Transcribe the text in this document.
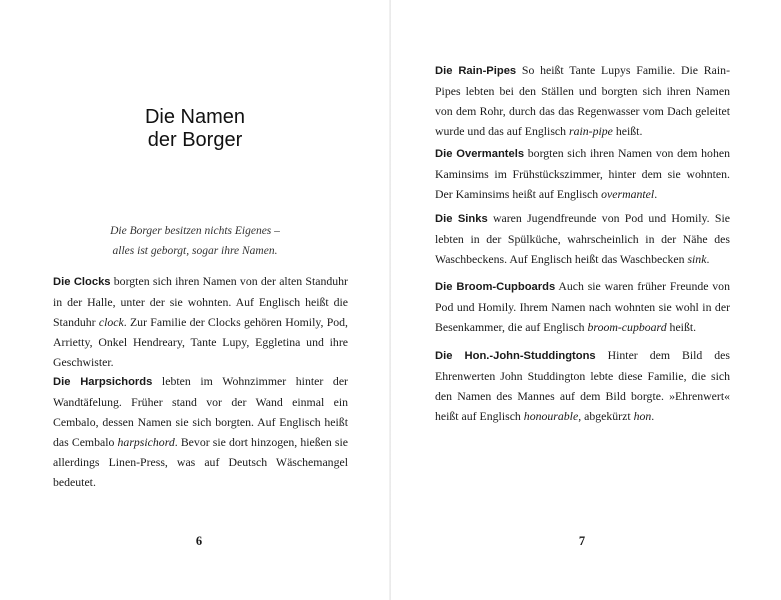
Die Namen
der Borger
Die Borger besitzen nichts Eigenes –
alles ist geborgt, sogar ihre Namen.

Die Clocks borgten sich ihren Namen von der alten Standuhr in der Halle, unter der sie wohnten. Auf Englisch heißt die Standuhr clock. Zur Familie der Clocks gehören Homily, Pod, Arrietty, Onkel Hendreary, Tante Lupy, Eggletina und ihre Geschwister.

Die Harpsichords lebten im Wohnzimmer hinter der Wandtäfelung. Früher stand vor der Wand einmal ein Cembalo, dessen Namen sie sich borgten. Auf Englisch heißt das Cembalo harpsichord. Bevor sie dort hinzogen, hießen sie allerdings Linen-Press, was auf Deutsch Wäschemangel bedeutet.

6

Die Rain-Pipes So heißt Tante Lupys Familie. Die Rain-Pipes lebten bei den Ställen und borgten sich ihren Namen von dem Rohr, durch das das Regenwasser vom Dach geleitet wurde und das auf Englisch rain-pipe heißt.

Die Overmantels borgten sich ihren Namen von dem hohen Kaminsims im Frühstückszimmer, hinter dem sie wohnten. Der Kaminsims heißt auf Englisch overmantel.

Die Sinks waren Jugendfreunde von Pod und Homily. Sie lebten in der Spülküche, wahrscheinlich in der Nähe des Waschbeckens. Auf Englisch heißt das Waschbecken sink.

Die Broom-Cupboards Auch sie waren früher Freunde von Pod und Homily. Ihrem Namen nach wohnten sie wohl in der Besenkammer, die auf Englisch broom-cupboard heißt.

Die Hon.-John-Studdingtons Hinter dem Bild des Ehrenwerten John Studdington lebte diese Familie, die sich den Namen des Mannes auf dem Bild borgte. »Ehrenwert« heißt auf Englisch honourable, abgekürzt hon.

7
